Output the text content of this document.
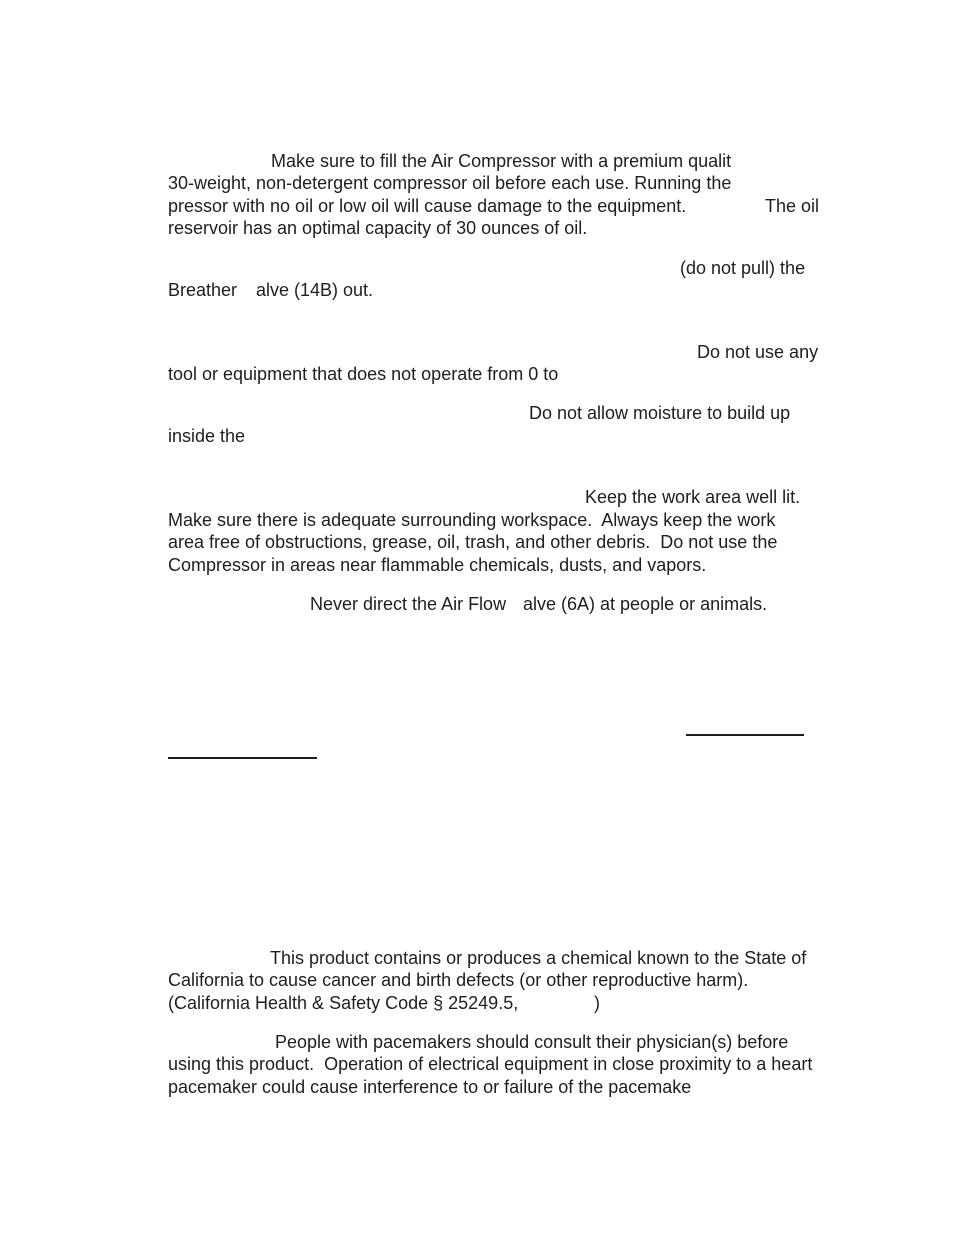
Make sure to fill the Air Compressor with a premium qualit

30-weight, non-detergent compressor oil before each use. Running the

pressor with no oil or low oil will cause damage to the equipment.	The oil

reservoir has an optimal capacity of 30 ounces of oil.

(do not pull) the

Breather alve (14B) out.

Do not use any

tool or equipment that does not operate from 0 to

Do not allow moisture to build up

inside the

Keep the work area well lit.

Make sure there is adequate surrounding workspace.  Always keep the work

area free of obstructions, grease, oil, trash, and other debris.  Do not use the

Compressor in areas near flammable chemicals, dusts, and vapors.

Never direct the Air Flow alve (6A) at people or animals.

This product contains or produces a chemical known to the State of

California to cause cancer and birth defects (or other reproductive harm).

(California Health & Safety Code § 25249.5,	)

People with pacemakers should consult their physician(s) before

using this product.  Operation of electrical equipment in close proximity to a heart

pacemaker could cause interference to or failure of the pacemake
